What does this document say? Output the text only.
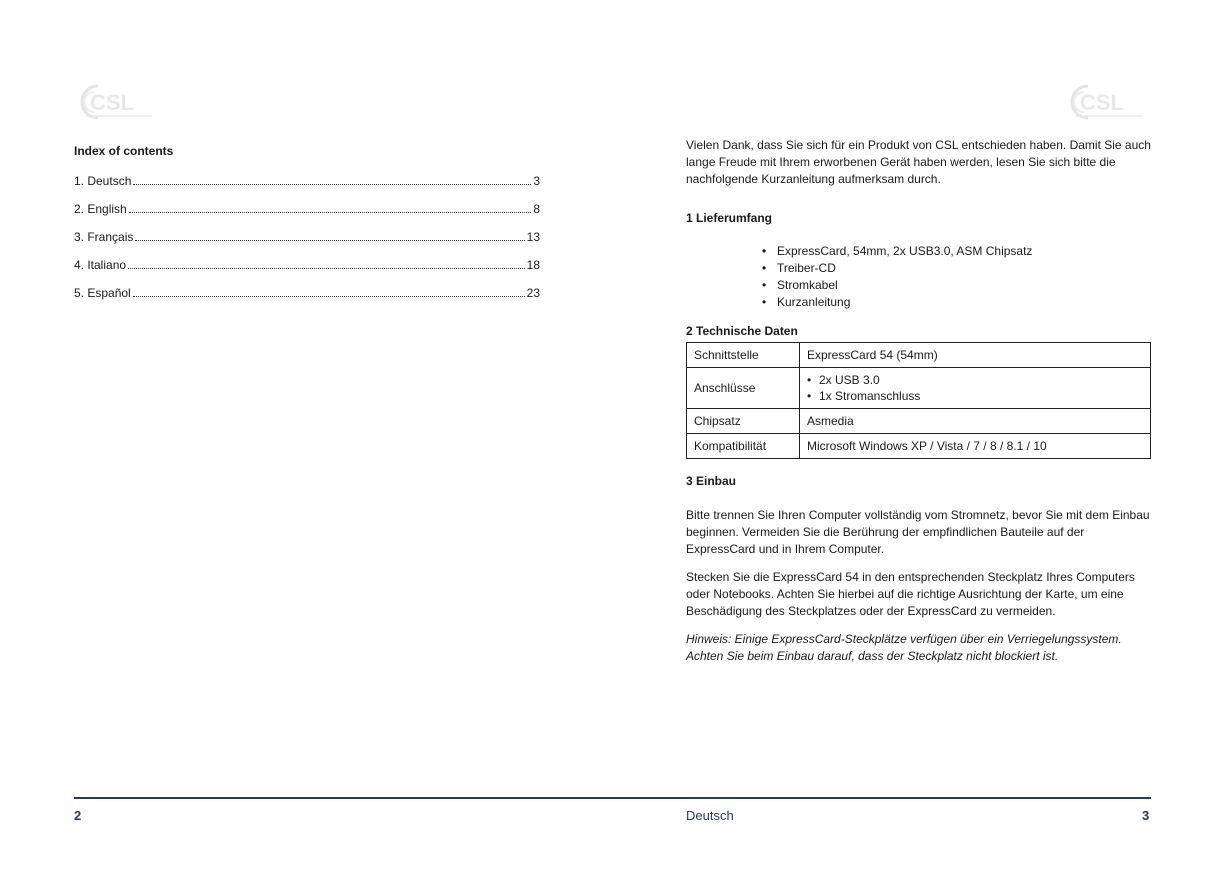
CSL	CSL

Index of contents

1. Deutsch	3
2. English	8
3. Français	13
4. Italiano	18
5. Español	23

Vielen Dank, dass Sie sich für ein Produkt von CSL entschieden haben. Damit Sie auch lange Freude mit Ihrem erworbenen Gerät haben werden, lesen Sie sich bitte die nachfolgende Kurzanleitung aufmerksam durch.

1 Lieferumfang

• ExpressCard, 54mm, 2x USB3.0, ASM Chipsatz
• Treiber-CD
• Stromkabel
• Kurzanleitung

2 Technische Daten

Schnittstelle	ExpressCard 54 (54mm)
Anschlüsse	• 2x USB 3.0
• 1x Stromanschluss

Chipsatz	Asmedia
Kompatibilität	Microsoft Windows XP / Vista / 7 / 8 / 8.1 / 10

3 Einbau

Bitte trennen Sie Ihren Computer vollständig vom Stromnetz, bevor Sie mit dem Einbau beginnen. Vermeiden Sie die Berührung der empfindlichen Bauteile auf der ExpressCard und in Ihrem Computer.

Stecken Sie die ExpressCard 54 in den entsprechenden Steckplatz Ihres Computers oder Notebooks. Achten Sie hierbei auf die richtige Ausrichtung der Karte, um eine Beschädigung des Steckplatzes oder der ExpressCard zu vermeiden.

Hinweis: Einige ExpressCard-Steckplätze verfügen über ein Verriegelungssystem. Achten Sie beim Einbau darauf, dass der Steckplatz nicht blockiert ist.

2	Deutsch	3
